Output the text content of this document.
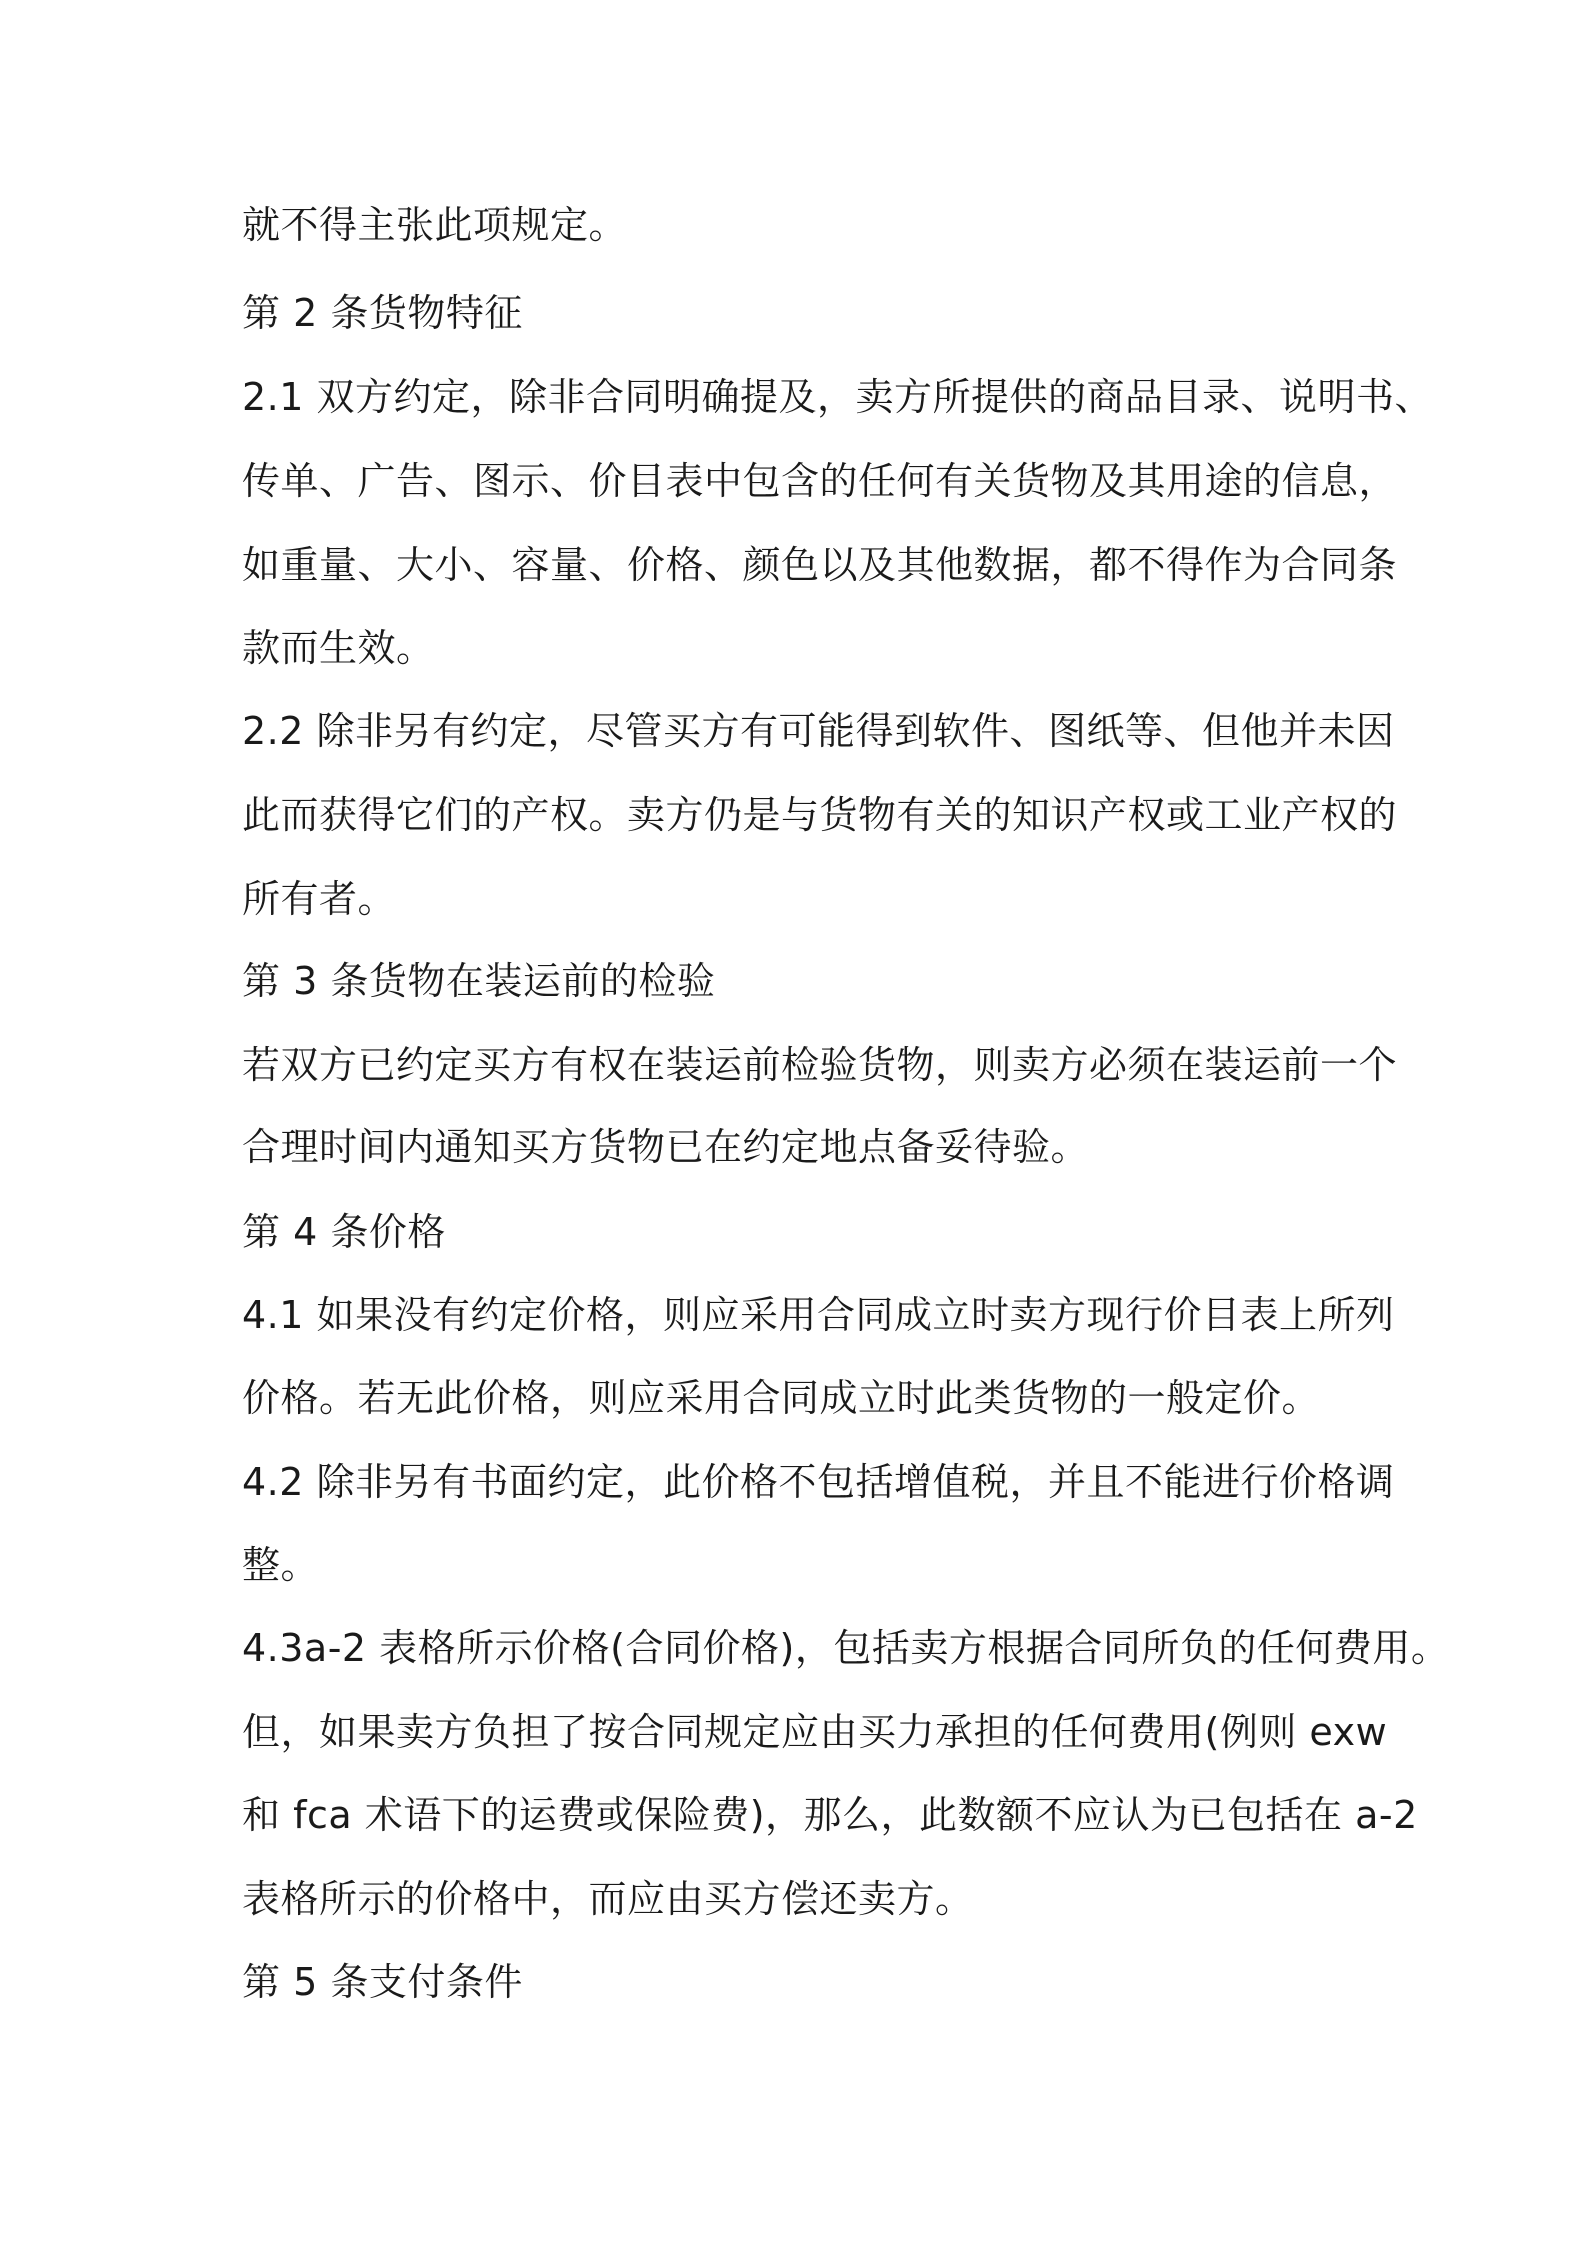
就不得主张此项规定。
第 2 条货物特征
2.1 双方约定，除非合同明确提及，卖方所提供的商品目录、说明书、
传单、广告、图示、价目表中包含的任何有关货物及其用途的信息，
如重量、大小、容量、价格、颜色以及其他数据，都不得作为合同条
款而生效。
2.2 除非另有约定，尽管买方有可能得到软件、图纸等、但他并未因
此而获得它们的产权。卖方仍是与货物有关的知识产权或工业产权的
所有者。
第 3 条货物在装运前的检验
若双方已约定买方有权在装运前检验货物，则卖方必须在装运前一个
合理时间内通知买方货物已在约定地点备妥待验。
第 4 条价格
4.1 如果没有约定价格，则应采用合同成立时卖方现行价目表上所列
价格。若无此价格，则应采用合同成立时此类货物的一般定价。
4.2 除非另有书面约定，此价格不包括增值税，并且不能进行价格调
整。
4.3a-2 表格所示价格(合同价格)，包括卖方根据合同所负的任何费用。
但，如果卖方负担了按合同规定应由买力承担的任何费用(例则 exw
和 fca 术语下的运费或保险费)，那么，此数额不应认为已包括在 a-2
表格所示的价格中，而应由买方偿还卖方。
第 5 条支付条件
